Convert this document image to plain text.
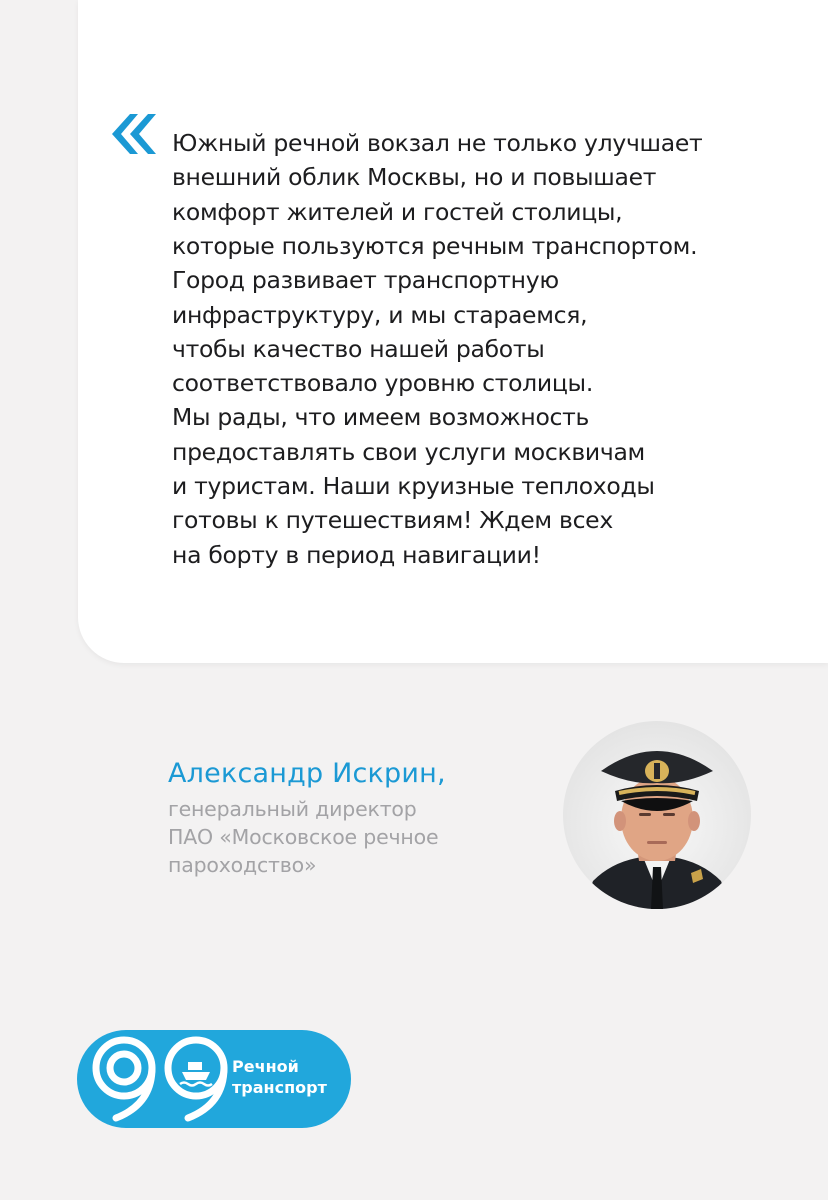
Южный речной вокзал не только улучшает
внешний облик Москвы, но и повышает
комфорт жителей и гостей столицы,
которые пользуются речным транспортом.
Город развивает транспортную
инфраструктуру, и мы стараемся,
чтобы качество нашей работы
соответствовало уровню столицы.
Мы рады, что имеем возможность
предоставлять свои услуги москвичам
и туристам. Наши круизные теплоходы
готовы к путешествиям! Ждем всех
на борту в период навигации!
Александр Искрин,
генеральный директор
ПАО «Московское речное
пароходство»
Речной
транспорт
